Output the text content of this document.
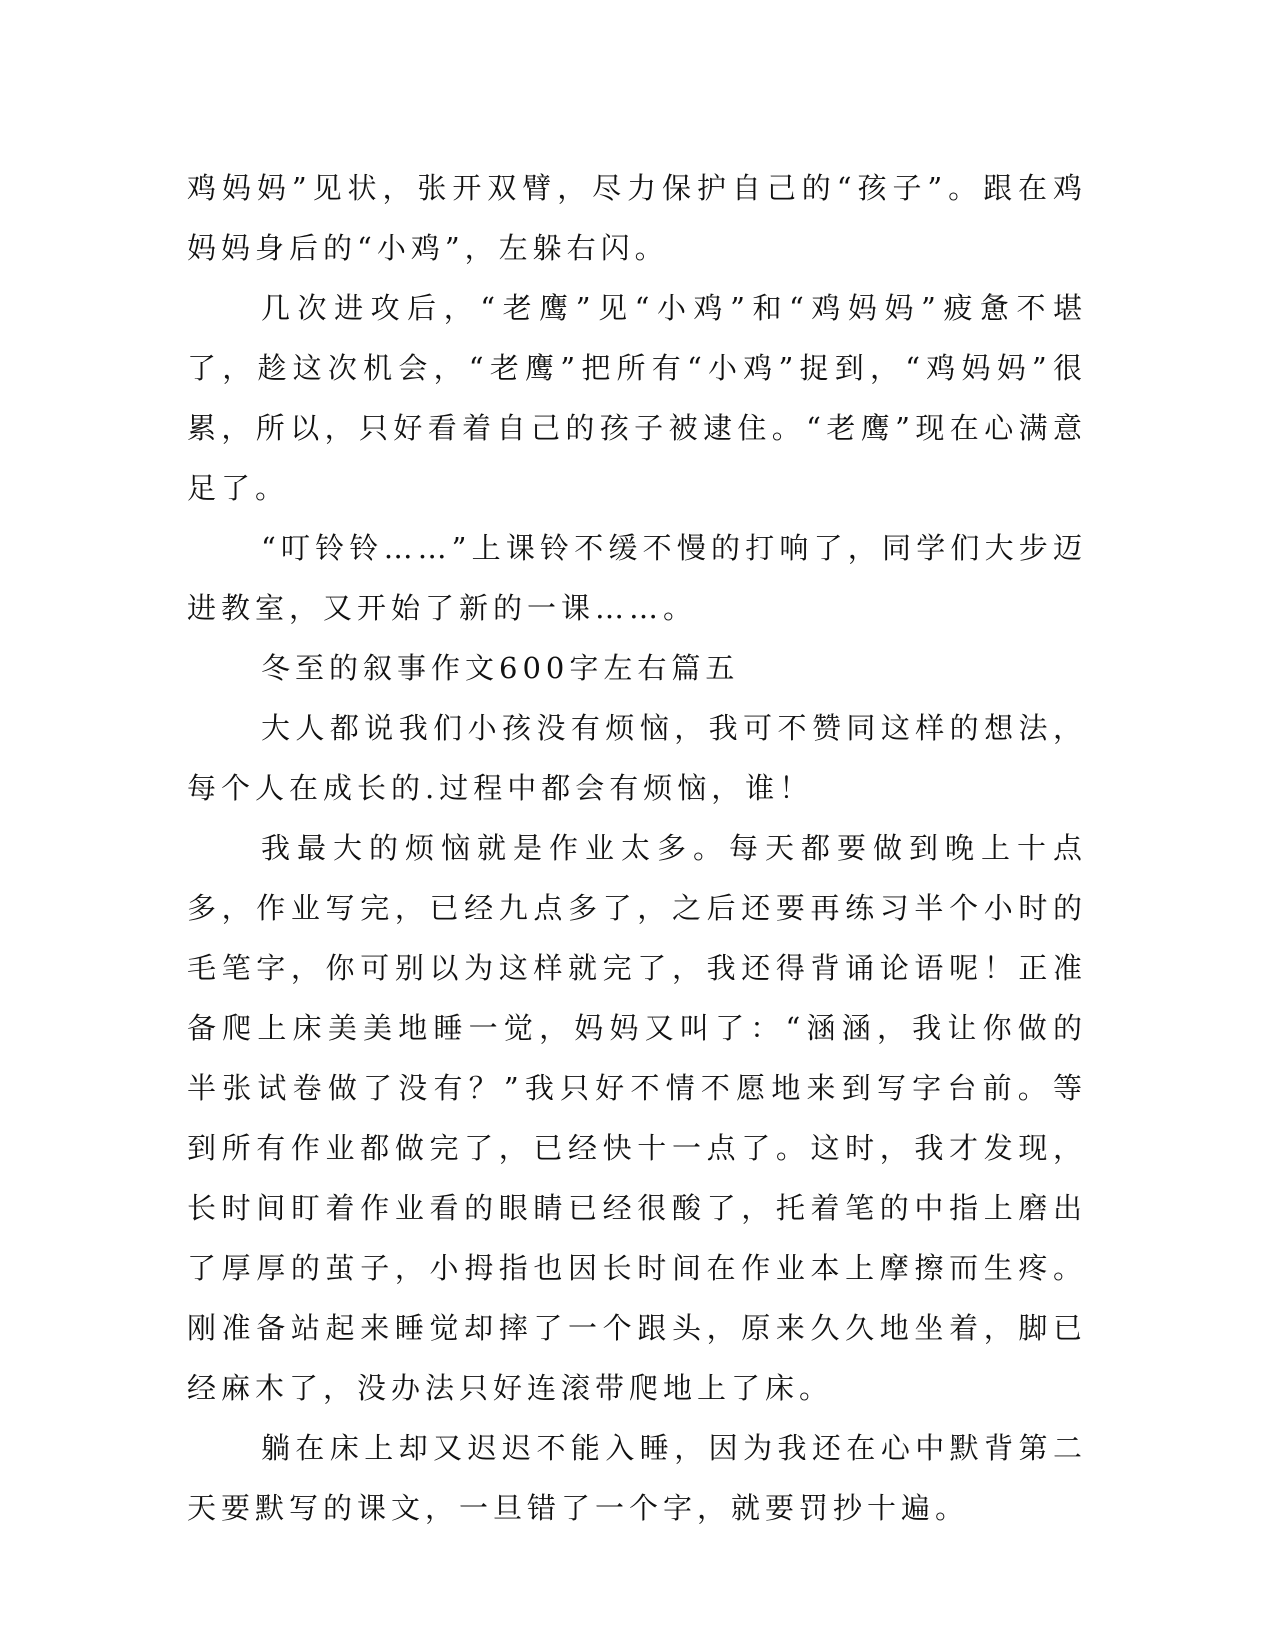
鸡妈妈”见状，张开双臂，尽力保护自己的“孩子”。跟在鸡妈妈身后的“小鸡”，左躲右闪。

几次进攻后，“老鹰”见“小鸡”和“鸡妈妈”疲惫不堪了，趁这次机会，“老鹰”把所有“小鸡”捉到，“鸡妈妈”很累，所以，只好看着自己的孩子被逮住。“老鹰”现在心满意足了。

“叮铃铃……”上课铃不缓不慢的打响了，同学们大步迈进教室，又开始了新的一课……。

冬至的叙事作文600字左右篇五

大人都说我们小孩没有烦恼，我可不赞同这样的想法，每个人在成长的.过程中都会有烦恼，谁！

我最大的烦恼就是作业太多。每天都要做到晚上十点多，作业写完，已经九点多了，之后还要再练习半个小时的毛笔字，你可别以为这样就完了，我还得背诵论语呢！正准备爬上床美美地睡一觉，妈妈又叫了：“涵涵，我让你做的半张试卷做了没有？”我只好不情不愿地来到写字台前。等到所有作业都做完了，已经快十一点了。这时，我才发现，长时间盯着作业看的眼睛已经很酸了，托着笔的中指上磨出了厚厚的茧子，小拇指也因长时间在作业本上摩擦而生疼。刚准备站起来睡觉却摔了一个跟头，原来久久地坐着，脚已经麻木了，没办法只好连滚带爬地上了床。

躺在床上却又迟迟不能入睡，因为我还在心中默背第二天要默写的课文，一旦错了一个字，就要罚抄十遍。
